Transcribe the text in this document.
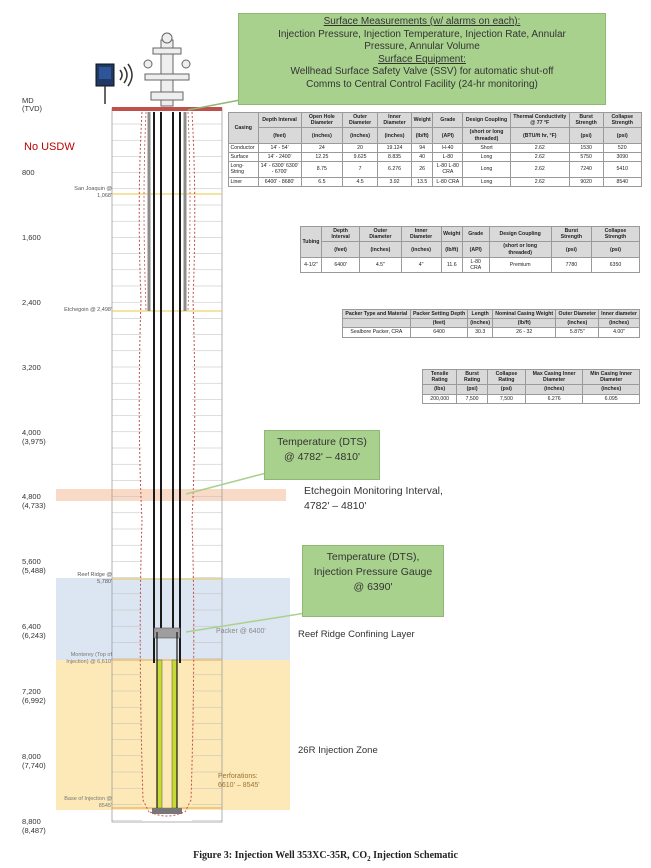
MD
(TVD)
No USDW
800
1,600
2,400
3,200
4,000
(3,975)
4,800
(4,733)
5,600
(5,488)
6,400
(6,243)
7,200
(6,992)
8,000
(7,740)
8,800
(8,487)
San Joaquin @
1,068'
Etchegoin @ 2,498'
Reef Ridge @
5,780'
Monterey (Top of
Injection) @ 6,610'
Base of Injection @
8545'
Packer @ 6400'
Perforations:
6610' – 8545'
Surface Measurements (w/ alarms on each):
Injection Pressure, Injection Temperature, Injection Rate, Annular
Pressure, Annular Volume
Surface Equipment:
Wellhead Surface Safety Valve (SSV) for automatic shut-off
Comms to Central Control Facility (24-hr monitoring)
Temperature (DTS)
@ 4782' – 4810'
Etchegoin Monitoring Interval,
4782' – 4810'
Temperature (DTS),
Injection Pressure Gauge
@ 6390'
Reef Ridge Confining Layer
26R Injection Zone
Casing	Depth Interval	Open Hole Diameter	Outer Diameter	Inner Diameter	Weight	Grade	Design Coupling	Thermal Conductivity @ 77 °F	Burst Strength	Collapse Strength
	(feet)	(inches)	(inches)	(inches)	(lb/ft)	(API)	(short or long threaded)	(BTU/ft hr, °F)	(psi)	(psi)
Conductor	14' - 54'	24	20	19.124	94	H-40	Short	2.62	1530	520
Surface	14' - 2400'	12.25	9.625	8.835	40	L-80	Long	2.62	5750	3090
Long-String	14' - 6300' 6300' - 6700'	8.75	7	6.276	26	L-80 L-80 CRA	Long	2.62	7240	5410
Liner	6400' - 8680'	6.5	4.5	3.92	13.5	L-80 CRA	Long	2.62	9020	8540
Tubing	Depth Interval	Outer Diameter	Inner Diameter	Weight	Grade	Design Coupling	Burst Strength	Collapse Strength
	(feet)	(inches)	(inches)	(lb/ft)	(API)	(short or long threaded)	(psi)	(psi)
4-1/2"	6400'	4.5"	4"	11.6	L-80 CRA	Premium	7780	6350
Packer Type and Material	Packer Setting Depth	Length	Nominal Casing Weight	Outer Diameter	Inner diameter
	(feet)	(inches)	(lb/ft)	(inches)	(inches)
Sealbore Packer, CRA	6400	30.3	26 - 32	5.875"	4.00"
Tensile Rating	Burst Rating	Collapse Rating	Max Casing Inner Diameter	Min Casing Inner Diameter
(lbs)	(psi)	(psi)	(inches)	(inches)
200,000	7,500	7,500	6.276	6.095
Figure 3: Injection Well 353XC-35R, $CO_2$ Injection Schematic
